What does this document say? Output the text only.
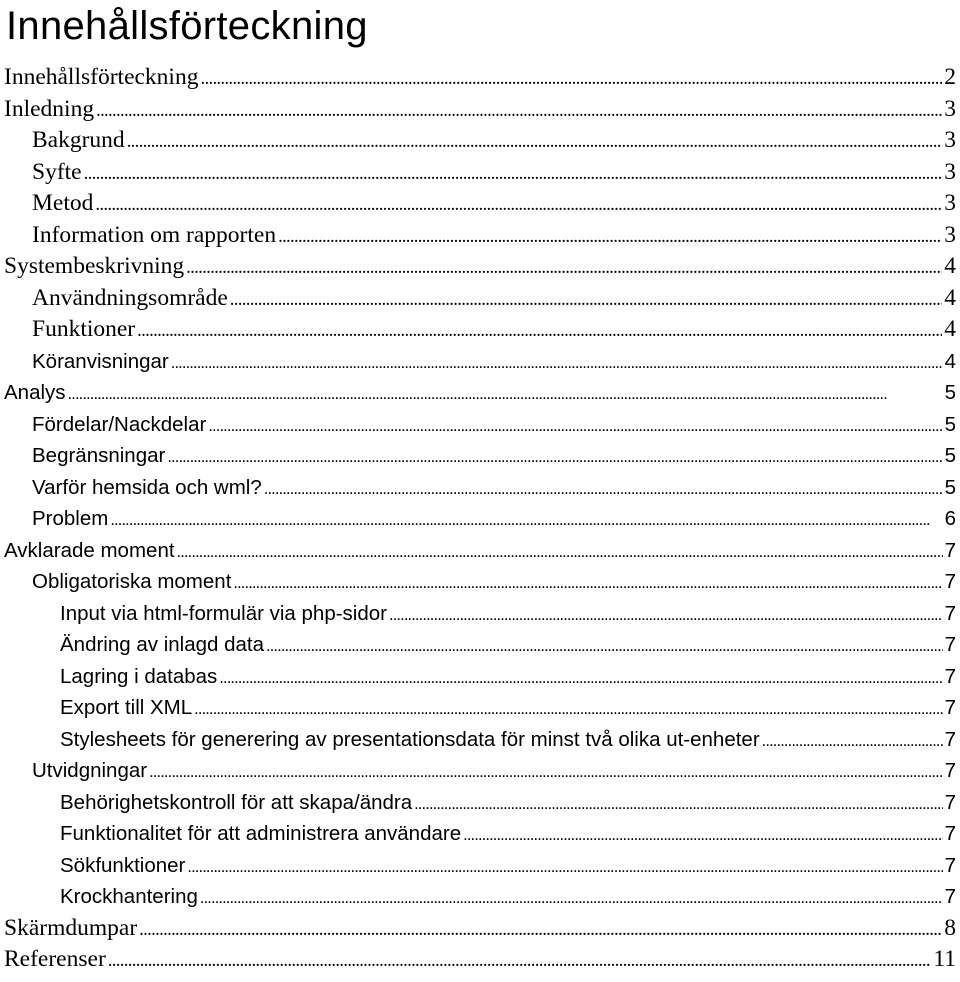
Innehållsförteckning
Innehållsförteckning . . .	2
Inledning . . .	3
Bakgrund . . .	3
Syfte . . .	3
Metod . . .	3
Information om rapporten . . .	3
Systembeskrivning . . .	4
Användningsområde . . .	4
Funktioner . . .	4
Köranvisningar . . .	4
Analys . . .	5
Fördelar/Nackdelar . . .	5
Begränsningar . . .	5
Varför hemsida och wml? . . .	5
Problem . . .	6
Avklarade moment . . .	7
Obligatoriska moment . . .	7
Input via html-formulär via php-sidor . . .	7
Ändring av inlagd data . . .	7
Lagring i databas . . .	7
Export till XML . . .	7
Stylesheets för generering av presentationsdata för minst två olika ut-enheter . . .	7
Utvidgningar . . .	7
Behörighetskontroll för att skapa/ändra . . .	7
Funktionalitet för att administrera användare . . .	7
Sökfunktioner . . .	7
Krockhantering . . .	7
Skärmdumpar . . .	8
Referenser . . .	11
